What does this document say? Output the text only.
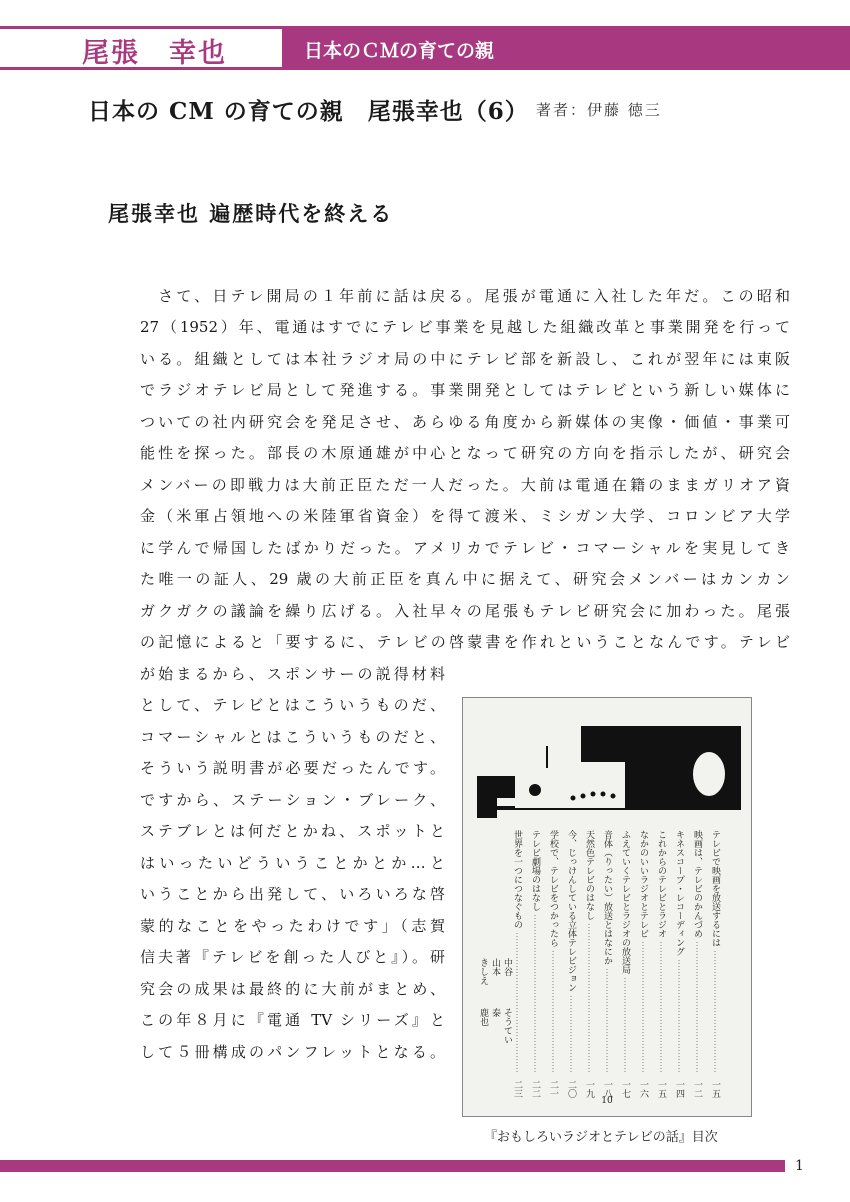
尾張　幸也	日本のＣＭの育ての親
日本の CM の育ての親　尾張幸也（6） 著者：伊藤 徳三
尾張幸也 遍歴時代を終える
　さて、日テレ開局の１年前に話は戻る。尾張が電通に入社した年だ。この昭和
27（1952）年、電通はすでにテレビ事業を見越した組織改革と事業開発を行って
いる。組織としては本社ラジオ局の中にテレビ部を新設し、これが翌年には東阪
でラジオテレビ局として発進する。事業開発としてはテレビという新しい媒体に
ついての社内研究会を発足させ、あらゆる角度から新媒体の実像・価値・事業可
能性を探った。部長の木原通雄が中心となって研究の方向を指示したが、研究会
メンバーの即戦力は大前正臣ただ一人だった。大前は電通在籍のままガリオア資
金（米軍占領地への米陸軍省資金）を得て渡米、ミシガン大学、コロンビア大学
に学んで帰国したばかりだった。アメリカでテレビ・コマーシャルを実見してき
た唯一の証人、29 歳の大前正臣を真ん中に据えて、研究会メンバーはカンカン
ガクガクの議論を繰り広げる。入社早々の尾張もテレビ研究会に加わった。尾張
の記憶によると「要するに、テレビの啓蒙書を作れということなんです。テレビ
が始まるから、スポンサーの説得材料
として、テレビとはこういうものだ、
コマーシャルとはこういうものだと、
そういう説明書が必要だったんです。
ですから、ステーション・ブレーク、
ステブレとは何だとかね、スポットと
はいったいどういうことかとか…と
いうことから出発して、いろいろな啓
蒙的なことをやったわけです」（志賀
信夫著『テレビを創った人びと』）。研
究会の成果は最終的に大前がまとめ、
この年８月に『電通 TV シリーズ』と
して５冊構成のパンフレットとなる。
テレビで映画を放送するには
一五
映画は、テレビのかんづめ
一二
キネスコープ・レコーディング
一四
これからのテレビとラジオ
一五
なかのいいラジオとテレビ
一六
ふえていくテレビとラジオの放送局
一七
音体（りったい）放送とはなにか
一八
天然色テレビのはなし
一九
今、じっけんしている立体テレビジョン
二〇
学校で、テレビをつかったら
二一
テレビ劇場のはなし
二二
世界を一つにつなぐもの
二三
中谷
山本
きしえ
そうてい
泰
鹿也
10
『おもしろいラジオとテレビの話』目次
1
